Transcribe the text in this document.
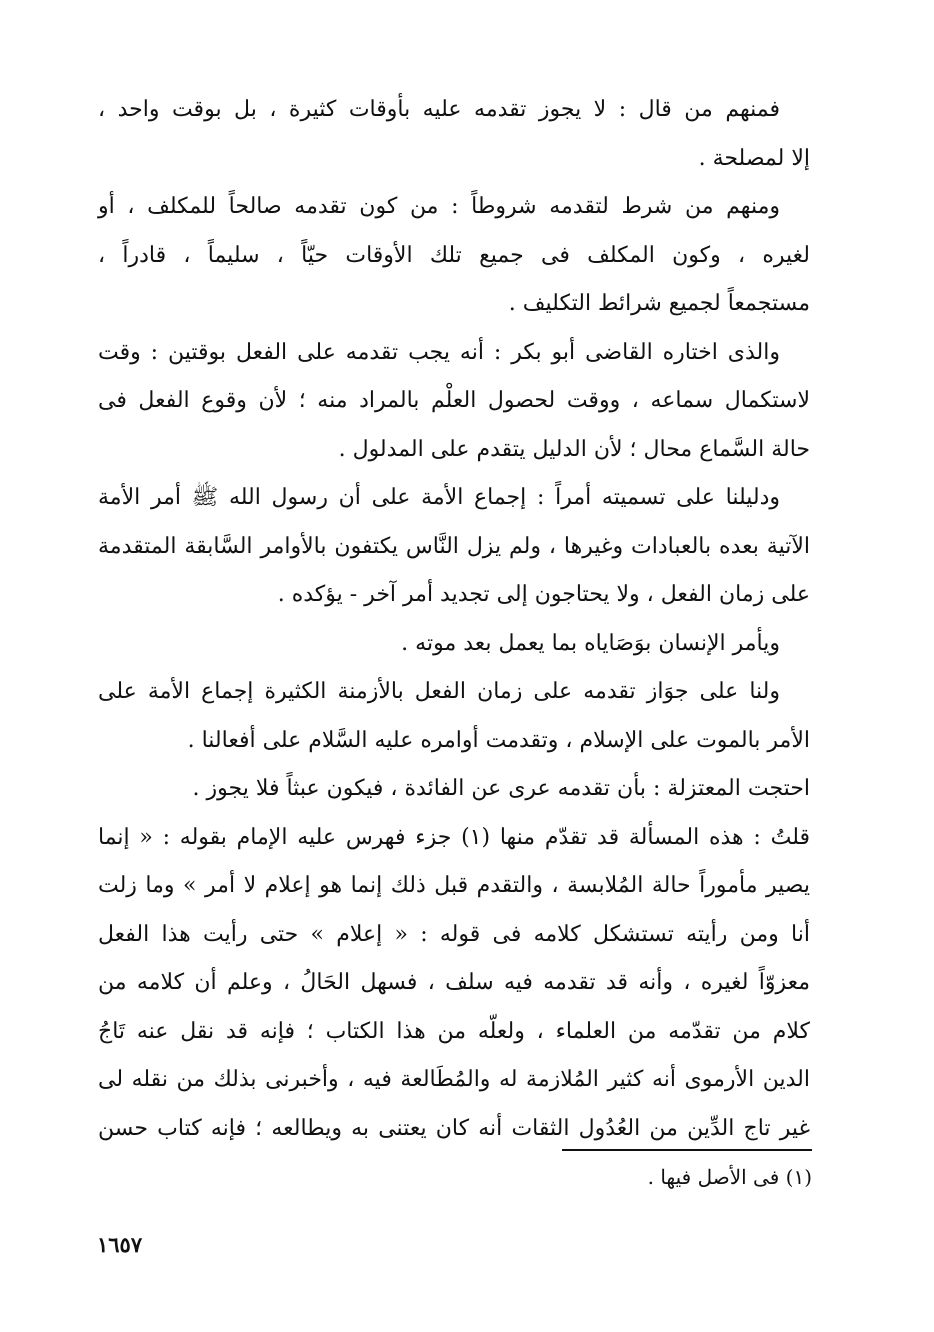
فمنهم من قال : لا يجوز تقدمه عليه بأوقات كثيرة ، بل بوقت واحد ،
إلا لمصلحة .
ومنهم من شرط لتقدمه شروطاً : من كون تقدمه صالحاً للمكلف ، أو
لغيره ، وكون المكلف فى جميع تلك الأوقات حيّاً ، سليماً ، قادراً ،
مستجمعاً لجميع شرائط التكليف .
والذى اختاره القاضى أبو بكر : أنه يجب تقدمه على الفعل بوقتين : وقت
لاستكمال سماعه ، ووقت لحصول العلْم بالمراد منه ؛ لأن وقوع الفعل فى
حالة السَّماع محال ؛ لأن الدليل يتقدم على المدلول .
ودليلنا على تسميته أمراً : إجماع الأمة على أن رسول الله ﷺ أمر الأمة
الآتية بعده بالعبادات وغيرها ، ولم يزل النَّاس يكتفون بالأوامر السَّابقة المتقدمة
على زمان الفعل ، ولا يحتاجون إلى تجديد أمر آخر - يؤكده .
ويأمر الإنسان بوَصَاياه بما يعمل بعد موته .
ولنا على جوَاز تقدمه على زمان الفعل بالأزمنة الكثيرة إجماع الأمة على
الأمر بالموت على الإسلام ، وتقدمت أوامره عليه السَّلام على أفعالنا .
احتجت المعتزلة : بأن تقدمه عرى عن الفائدة ، فيكون عبثاً فلا يجوز .
قلتُ : هذه المسألة قد تقدّم منها (١) جزء فهرس عليه الإمام بقوله : « إنما
يصير مأموراً حالة المُلابسة ، والتقدم قبل ذلك إنما هو إعلام لا أمر » وما زلت
أنا ومن رأيته تستشكل كلامه فى قوله : « إعلام » حتى رأيت هذا الفعل
معزوّاً لغيره ، وأنه قد تقدمه فيه سلف ، فسهل الحَالُ ، وعلم أن كلامه من
كلام من تقدّمه من العلماء ، ولعلّه من هذا الكتاب ؛ فإنه قد نقل عنه تَاجُ
الدين الأرموى أنه كثير المُلازمة له والمُطَالعة فيه ، وأخبرنى بذلك من نقله لى
غير تاج الدِّين من العُدُول الثقات أنه كان يعتنى به ويطالعه ؛ فإنه كتاب حسن
(١) فى الأصل فيها .
١٦٥٧
